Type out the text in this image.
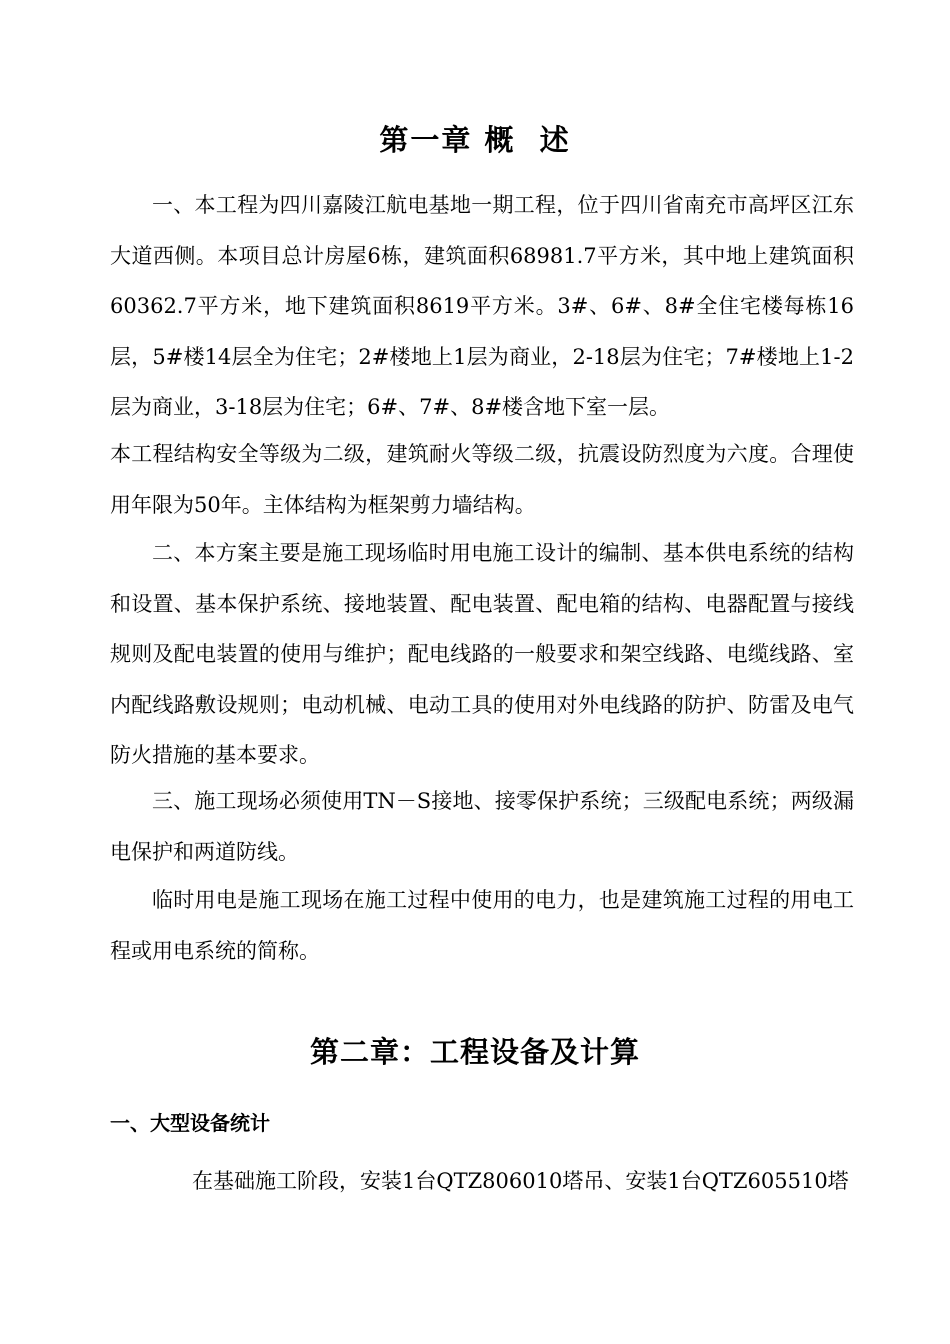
第一章 概  述

一、本工程为四川嘉陵江航电基地一期工程，位于四川省南充市高坪区江东大道西侧。本项目总计房屋6栋，建筑面积68981.7平方米，其中地上建筑面积60362.7平方米，地下建筑面积8619平方米。3#、6#、8#全住宅楼每栋16层，5#楼14层全为住宅；2#楼地上1层为商业，2-18层为住宅；7#楼地上1-2层为商业，3-18层为住宅；6#、7#、8#楼含地下室一层。

本工程结构安全等级为二级，建筑耐火等级二级，抗震设防烈度为六度。合理使用年限为50年。主体结构为框架剪力墙结构。

二、本方案主要是施工现场临时用电施工设计的编制、基本供电系统的结构和设置、基本保护系统、接地装置、配电装置、配电箱的结构、电器配置与接线规则及配电装置的使用与维护；配电线路的一般要求和架空线路、电缆线路、室内配线路敷设规则；电动机械、电动工具的使用对外电线路的防护、防雷及电气防火措施的基本要求。

三、施工现场必须使用TN－S接地、接零保护系统；三级配电系统；两级漏电保护和两道防线。

临时用电是施工现场在施工过程中使用的电力，也是建筑施工过程的用电工程或用电系统的简称。

第二章：工程设备及计算
一、大型设备统计

在基础施工阶段，安装1台QTZ806010塔吊、安装1台QTZ605510塔
